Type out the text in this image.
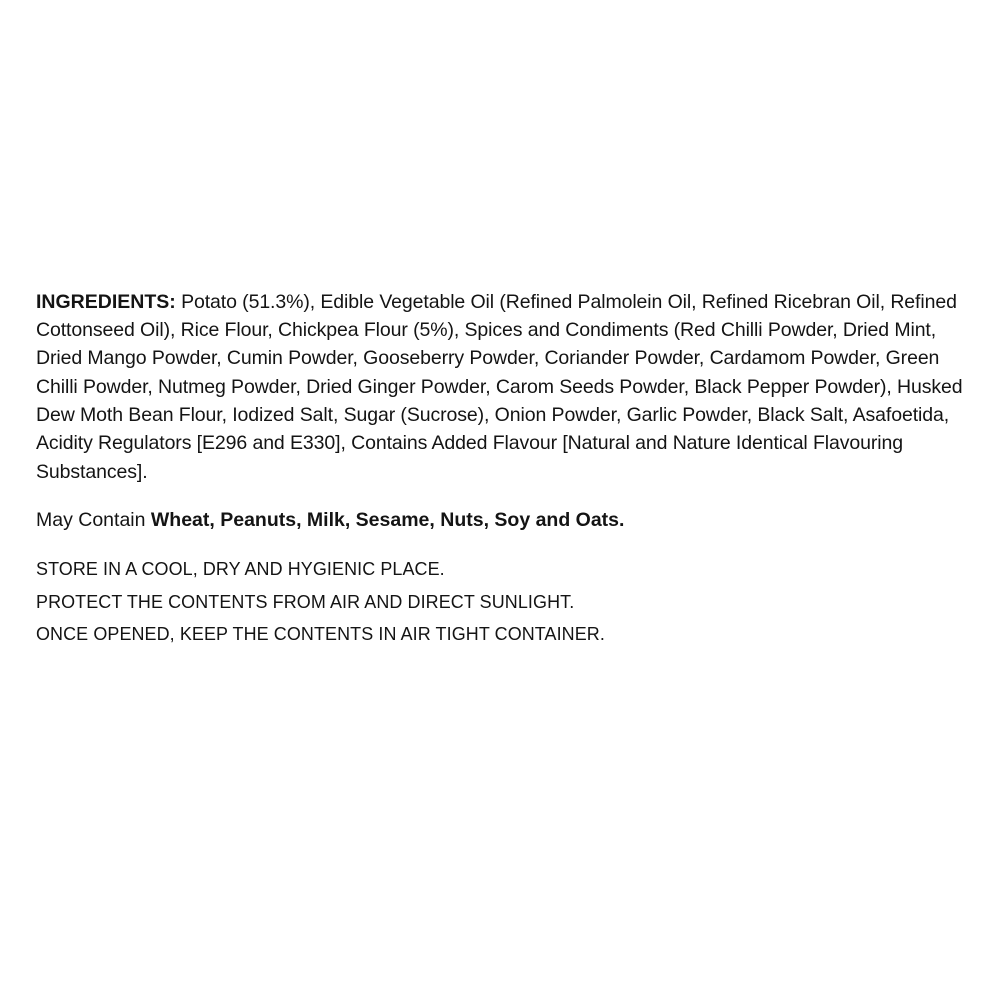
INGREDIENTS: Potato (51.3%), Edible Vegetable Oil (Refined Palmolein Oil, Refined Ricebran Oil, Refined Cottonseed Oil), Rice Flour, Chickpea Flour (5%), Spices and Condiments (Red Chilli Powder, Dried Mint, Dried Mango Powder, Cumin Powder, Gooseberry Powder, Coriander Powder, Cardamom Powder, Green Chilli Powder, Nutmeg Powder, Dried Ginger Powder, Carom Seeds Powder, Black Pepper Powder), Husked Dew Moth Bean Flour, Iodized Salt, Sugar (Sucrose), Onion Powder, Garlic Powder, Black Salt, Asafoetida, Acidity Regulators [E296 and E330], Contains Added Flavour [Natural and Nature Identical Flavouring Substances].

May Contain Wheat, Peanuts, Milk, Sesame, Nuts, Soy and Oats.

STORE IN A COOL, DRY AND HYGIENIC PLACE.
PROTECT THE CONTENTS FROM AIR AND DIRECT SUNLIGHT.
ONCE OPENED, KEEP THE CONTENTS IN AIR TIGHT CONTAINER.
